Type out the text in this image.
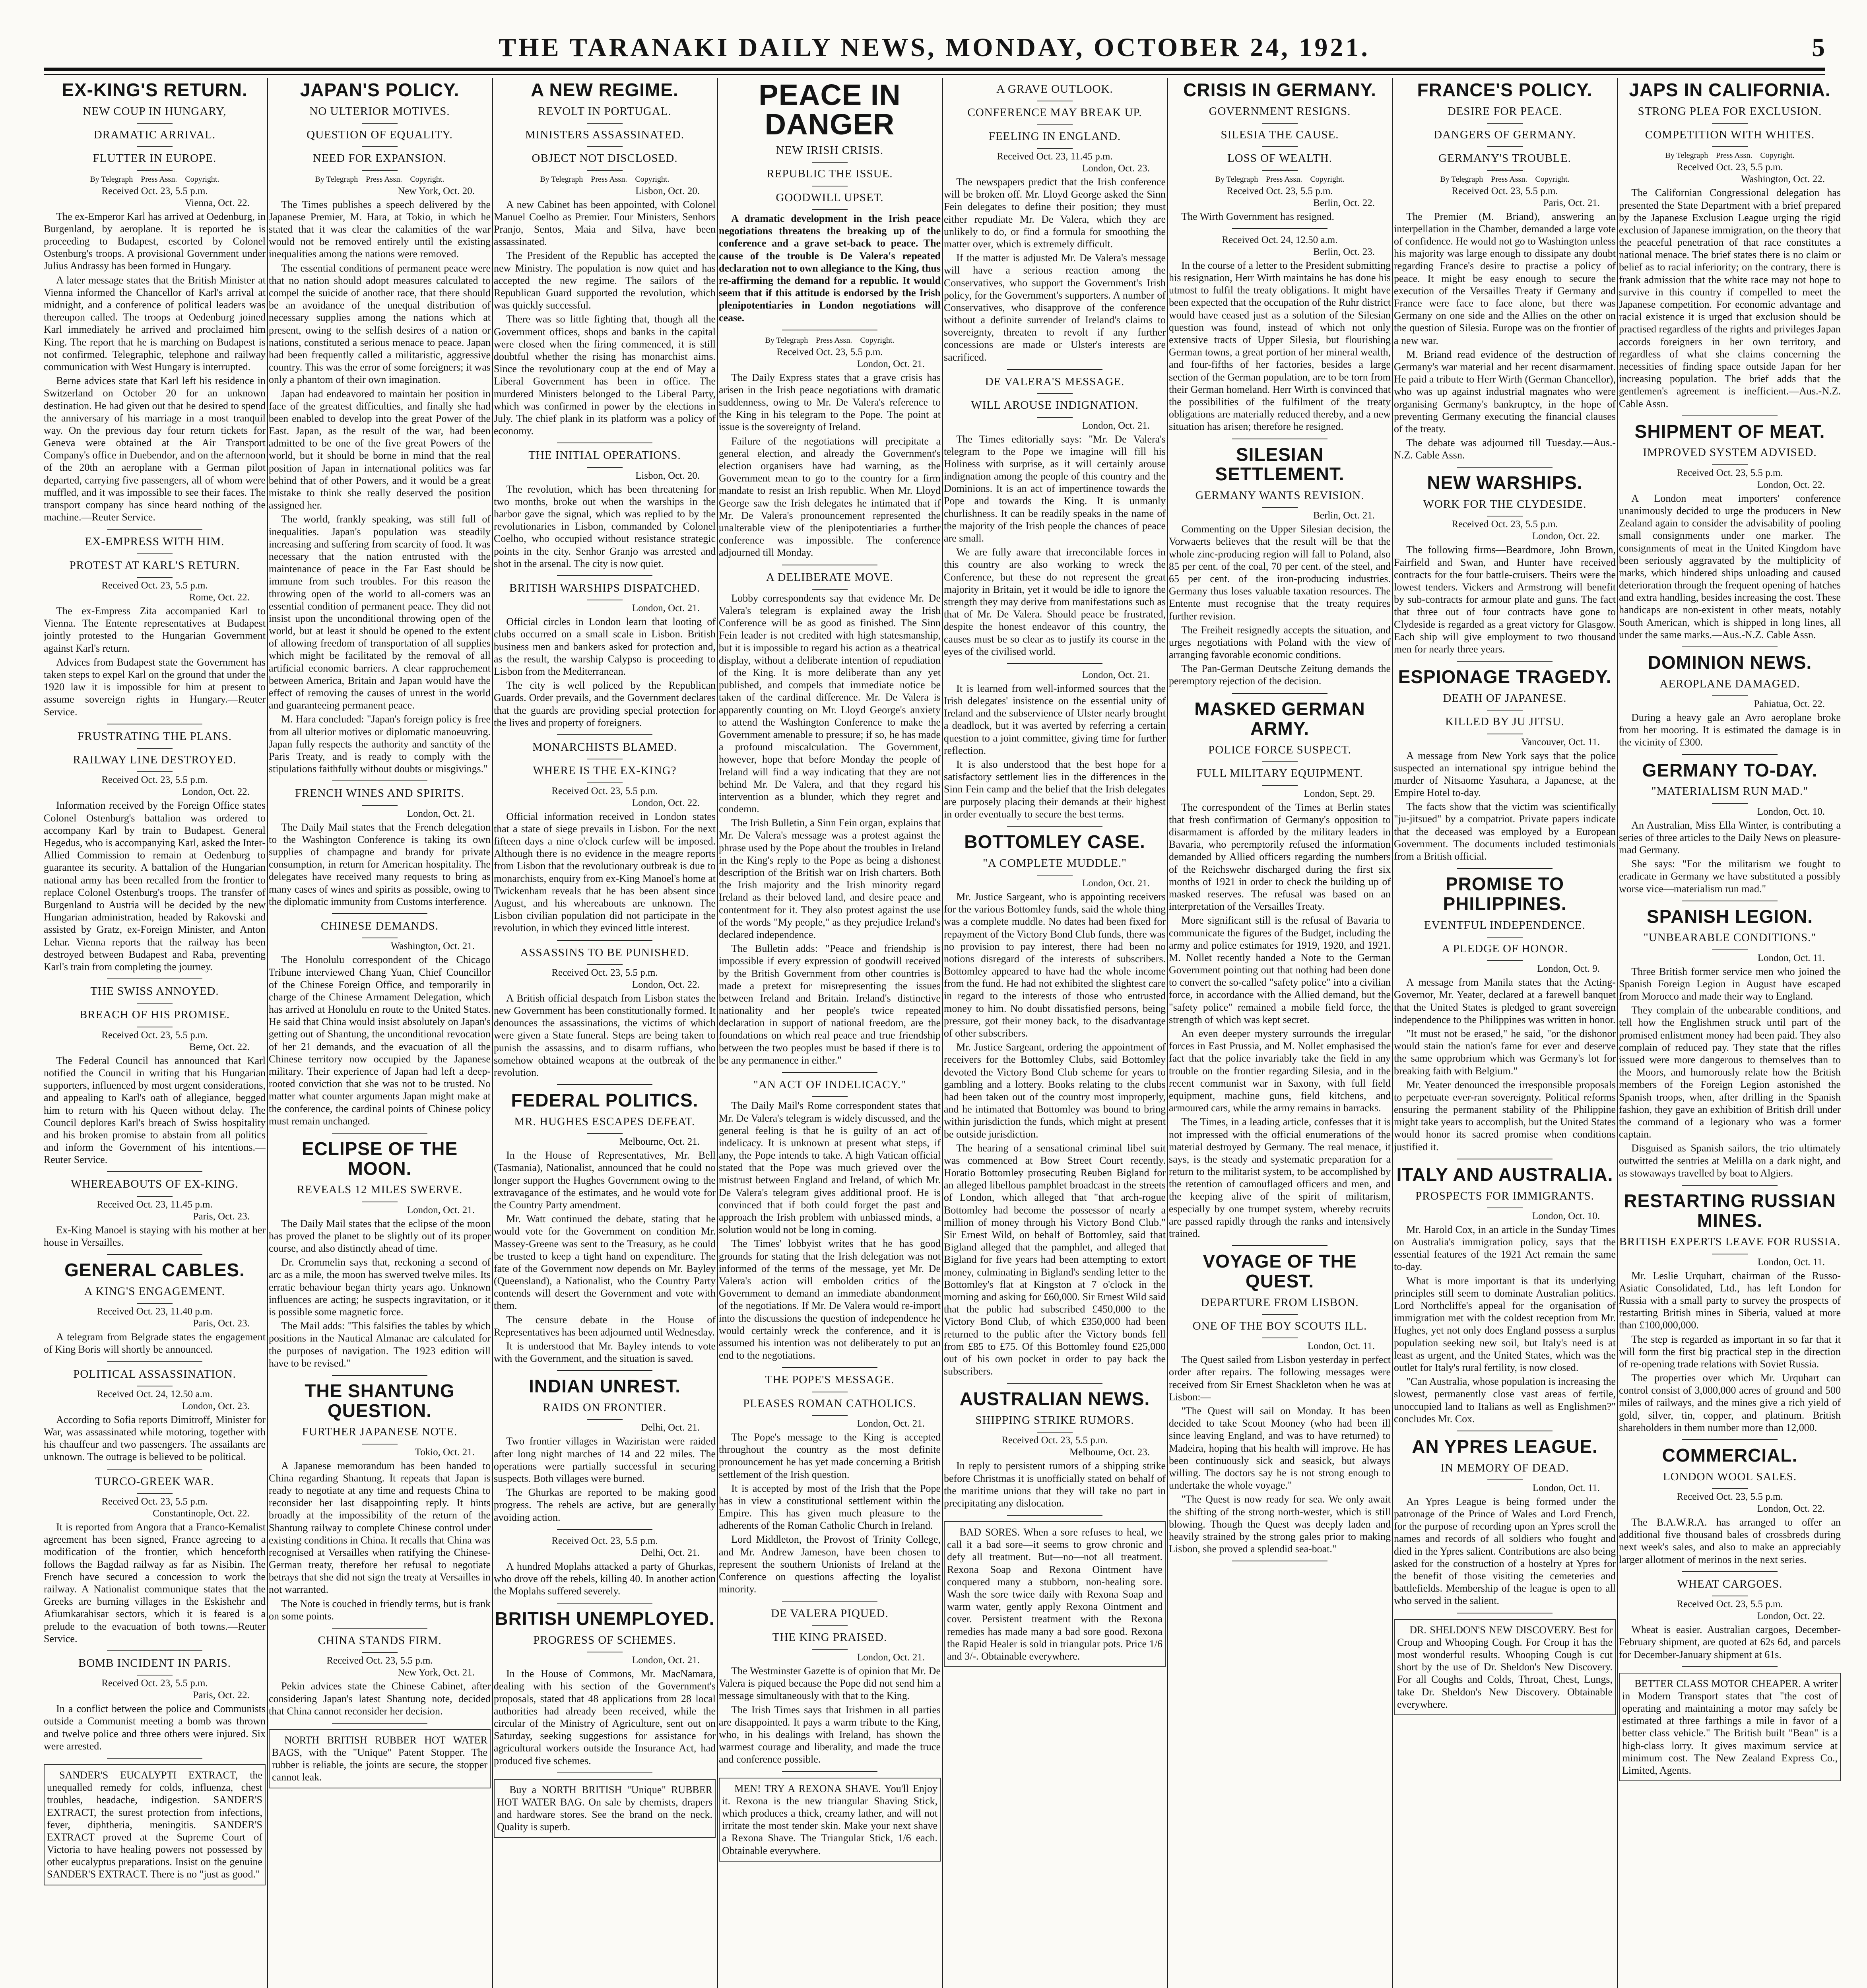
THE TARANAKI DAILY NEWS, MONDAY, OCTOBER 24, 1921.	5
EX-KING'S RETURN.
NEW COUP IN HUNGARY,
DRAMATIC ARRIVAL.
FLUTTER IN EUROPE.
By Telegraph—Press Assn.—Copyright.
Received Oct. 23, 5.5 p.m.
Vienna, Oct. 22.

The ex-Emperor Karl has arrived at Oedenburg, in Burgenland, by aeroplane. It is reported he is proceeding to Budapest, escorted by Colonel Ostenburg's troops. A provisional Government under Julius Andrassy has been formed in Hungary.

A later message states that the British Minister at Vienna informed the Chancellor of Karl's arrival at midnight, and a conference of political leaders was thereupon called. The troops at Oedenburg joined Karl immediately he arrived and proclaimed him King. The report that he is marching on Budapest is not confirmed. Telegraphic, telephone and railway communication with West Hungary is interrupted.

Berne advices state that Karl left his residence in Switzerland on October 20 for an unknown destination. He had given out that he desired to spend the anniversary of his marriage in a most tranquil way. On the previous day four return tickets for Geneva were obtained at the Air Transport Company's office in Duebendor, and on the afternoon of the 20th an aeroplane with a German pilot departed, carrying five passengers, all of whom were muffled, and it was impossible to see their faces. The transport company has since heard nothing of the machine.—Reuter Service.

EX-EMPRESS WITH HIM.
PROTEST AT KARL'S RETURN.
Received Oct. 23, 5.5 p.m.
Rome, Oct. 22.

The ex-Empress Zita accompanied Karl to Vienna. The Entente representatives at Budapest jointly protested to the Hungarian Government against Karl's return.

Advices from Budapest state the Government has taken steps to expel Karl on the ground that under the 1920 law it is impossible for him at present to assume sovereign rights in Hungary.—Reuter Service.

FRUSTRATING THE PLANS.
RAILWAY LINE DESTROYED.
Received Oct. 23, 5.5 p.m.
London, Oct. 22.

Information received by the Foreign Office states Colonel Ostenburg's battalion was ordered to accompany Karl by train to Budapest. General Hegedus, who is accompanying Karl, asked the Inter-Allied Commission to remain at Oedenburg to guarantee its security. A battalion of the Hungarian national army has been recalled from the frontier to replace Colonel Ostenburg's troops. The transfer of Burgenland to Austria will be decided by the new Hungarian administration, headed by Rakovski and assisted by Gratz, ex-Foreign Minister, and Anton Lehar. Vienna reports that the railway has been destroyed between Budapest and Raba, preventing Karl's train from completing the journey.

THE SWISS ANNOYED.
BREACH OF HIS PROMISE.
Received Oct. 23, 5.5 p.m.
Berne, Oct. 22.

The Federal Council has announced that Karl notified the Council in writing that his Hungarian supporters, influenced by most urgent considerations, and appealing to Karl's oath of allegiance, begged him to return with his Queen without delay. The Council deplores Karl's breach of Swiss hospitality and his broken promise to abstain from all politics and inform the Government of his intentions.—Reuter Service.

WHEREABOUTS OF EX-KING.
Received Oct. 23, 11.45 p.m.
Paris, Oct. 23.

Ex-King Manoel is staying with his mother at her house in Versailles.

GENERAL CABLES.
A KING'S ENGAGEMENT.
Received Oct. 23, 11.40 p.m.
Paris, Oct. 23.

A telegram from Belgrade states the engagement of King Boris will shortly be announced.

POLITICAL ASSASSINATION.
Received Oct. 24, 12.50 a.m.
London, Oct. 23.

According to Sofia reports Dimitroff, Minister for War, was assassinated while motoring, together with his chauffeur and two passengers. The assailants are unknown. The outrage is believed to be political.

TURCO-GREEK WAR.
Received Oct. 23, 5.5 p.m.
Constantinople, Oct. 22.

It is reported from Angora that a Franco-Kemalist agreement has been signed, France agreeing to a modification of the frontier, which henceforth follows the Bagdad railway as far as Nisibin. The French have secured a concession to work the railway. A Nationalist communique states that the Greeks are burning villages in the Eskishehr and Afiumkarahisar sectors, which it is feared is a prelude to the evacuation of both towns.—Reuter Service.

BOMB INCIDENT IN PARIS.
Received Oct. 23, 5.5 p.m.
Paris, Oct. 22.

In a conflict between the police and Communists outside a Communist meeting a bomb was thrown and twelve police and three others were injured. Six were arrested.

SANDER'S EUCALYPTI EXTRACT, the unequalled remedy for colds, influenza, chest troubles, headache, indigestion. SANDER'S EXTRACT, the surest protection from infections, fever, diphtheria, meningitis. SANDER'S EXTRACT proved at the Supreme Court of Victoria to have healing powers not possessed by other eucalyptus preparations. Insist on the genuine SANDER'S EXTRACT. There is no "just as good."
JAPAN'S POLICY.
NO ULTERIOR MOTIVES.
QUESTION OF EQUALITY.
NEED FOR EXPANSION.
By Telegraph—Press Assn.—Copyright.
New York, Oct. 20.

The Times publishes a speech delivered by the Japanese Premier, M. Hara, at Tokio, in which he stated that it was clear the calamities of the war would not be removed entirely until the existing inequalities among the nations were removed.

The essential conditions of permanent peace were that no nation should adopt measures calculated to compel the suicide of another race, that there should be an avoidance of the unequal distribution of necessary supplies among the nations which at present, owing to the selfish desires of a nation or nations, constituted a serious menace to peace. Japan had been frequently called a militaristic, aggressive country. This was the error of some foreigners; it was only a phantom of their own imagination.

Japan had endeavored to maintain her position in face of the greatest difficulties, and finally she had been enabled to develop into the great Power of the East. Japan, as the result of the war, had been admitted to be one of the five great Powers of the world, but it should be borne in mind that the real position of Japan in international politics was far behind that of other Powers, and it would be a great mistake to think she really deserved the position assigned her.

The world, frankly speaking, was still full of inequalities. Japan's population was steadily increasing and suffering from scarcity of food. It was necessary that the nation entrusted with the maintenance of peace in the Far East should be immune from such troubles. For this reason the throwing open of the world to all-comers was an essential condition of permanent peace. They did not insist upon the unconditional throwing open of the world, but at least it should be opened to the extent of allowing freedom of transportation of all supplies which might be facilitated by the removal of all artificial economic barriers. A clear rapprochement between America, Britain and Japan would have the effect of removing the causes of unrest in the world and guaranteeing permanent peace.

M. Hara concluded: "Japan's foreign policy is free from all ulterior motives or diplomatic manoeuvring. Japan fully respects the authority and sanctity of the Paris Treaty, and is ready to comply with the stipulations faithfully without doubts or misgivings."

FRENCH WINES AND SPIRITS.
London, Oct. 21.

The Daily Mail states that the French delegation to the Washington Conference is taking its own supplies of champagne and brandy for private consumption, in return for American hospitality. The delegates have received many requests to bring as many cases of wines and spirits as possible, owing to the diplomatic immunity from Customs interference.

CHINESE DEMANDS.
Washington, Oct. 21.

The Honolulu correspondent of the Chicago Tribune interviewed Chang Yuan, Chief Councillor of the Chinese Foreign Office, and temporarily in charge of the Chinese Armament Delegation, which has arrived at Honolulu en route to the United States. He said that China would insist absolutely on Japan's getting out of Shantung, the unconditional revocation of her 21 demands, and the evacuation of all the Chinese territory now occupied by the Japanese military. Their experience of Japan had left a deep-rooted conviction that she was not to be trusted. No matter what counter arguments Japan might make at the conference, the cardinal points of Chinese policy must remain unchanged.

ECLIPSE OF THE MOON.
REVEALS 12 MILES SWERVE.
London, Oct. 21.

The Daily Mail states that the eclipse of the moon has proved the planet to be slightly out of its proper course, and also distinctly ahead of time.

Dr. Crommelin says that, reckoning a second of arc as a mile, the moon has swerved twelve miles. Its erratic behaviour began thirty years ago. Unknown influences are acting; he suspects ingravitation, or it is possible some magnetic force.

The Mail adds: "This falsifies the tables by which positions in the Nautical Almanac are calculated for the purposes of navigation. The 1923 edition will have to be revised."

THE SHANTUNG QUESTION.
FURTHER JAPANESE NOTE.
Tokio, Oct. 21.

A Japanese memorandum has been handed to China regarding Shantung. It repeats that Japan is ready to negotiate at any time and requests China to reconsider her last disappointing reply. It hints broadly at the impossibility of the return of the Shantung railway to complete Chinese control under existing conditions in China. It recalls that China was recognised at Versailles when ratifying the Chinese-German treaty, therefore her refusal to negotiate betrays that she did not sign the treaty at Versailles in not warranted.

The Note is couched in friendly terms, but is frank on some points.

CHINA STANDS FIRM.
Received Oct. 23, 5.5 p.m.
New York, Oct. 21.

Pekin advices state the Chinese Cabinet, after considering Japan's latest Shantung note, decided that China cannot reconsider her decision.

NORTH BRITISH RUBBER HOT WATER BAGS, with the "Unique" Patent Stopper. The rubber is reliable, the joints are secure, the stopper cannot leak.
A NEW REGIME.
REVOLT IN PORTUGAL.
MINISTERS ASSASSINATED.
OBJECT NOT DISCLOSED.
By Telegraph—Press Assn.—Copyright.
Lisbon, Oct. 20.

A new Cabinet has been appointed, with Colonel Manuel Coelho as Premier. Four Ministers, Senhors Pranjo, Sentos, Maia and Silva, have been assassinated.

The President of the Republic has accepted the new Ministry. The population is now quiet and has accepted the new regime. The sailors of the Republican Guard supported the revolution, which was quickly successful.

There was so little fighting that, though all the Government offices, shops and banks in the capital were closed when the firing commenced, it is still doubtful whether the rising has monarchist aims. Since the revolutionary coup at the end of May a Liberal Government has been in office. The murdered Ministers belonged to the Liberal Party, which was confirmed in power by the elections in July. The chief plank in its platform was a policy of economy.

THE INITIAL OPERATIONS.
Lisbon, Oct. 20.

The revolution, which has been threatening for two months, broke out when the warships in the harbor gave the signal, which was replied to by the revolutionaries in Lisbon, commanded by Colonel Coelho, who occupied without resistance strategic points in the city. Senhor Granjo was arrested and shot in the arsenal. The city is now quiet.

BRITISH WARSHIPS DISPATCHED.
London, Oct. 21.

Official circles in London learn that looting of clubs occurred on a small scale in Lisbon. British business men and bankers asked for protection and, as the result, the warship Calypso is proceeding to Lisbon from the Mediterranean.

The city is well policed by the Republican Guards. Order prevails, and the Government declares that the guards are providing special protection for the lives and property of foreigners.

MONARCHISTS BLAMED.
WHERE IS THE EX-KING?
Received Oct. 23, 5.5 p.m.
London, Oct. 22.

Official information received in London states that a state of siege prevails in Lisbon. For the next fifteen days a nine o'clock curfew will be imposed. Although there is no evidence in the meagre reports from Lisbon that the revolutionary outbreak is due to monarchists, enquiry from ex-King Manoel's home at Twickenham reveals that he has been absent since August, and his whereabouts are unknown. The Lisbon civilian population did not participate in the revolution, in which they evinced little interest.

ASSASSINS TO BE PUNISHED.
Received Oct. 23, 5.5 p.m.
London, Oct. 22.

A British official despatch from Lisbon states the new Government has been constitutionally formed. It denounces the assassinations, the victims of which were given a State funeral. Steps are being taken to punish the assassins, and to disarm ruffians, who somehow obtained weapons at the outbreak of the revolution.

FEDERAL POLITICS.
MR. HUGHES ESCAPES DEFEAT.
Melbourne, Oct. 21.

In the House of Representatives, Mr. Bell (Tasmania), Nationalist, announced that he could no longer support the Hughes Government owing to the extravagance of the estimates, and he would vote for the Country Party amendment.

Mr. Watt continued the debate, stating that he would vote for the Government on condition Mr. Massey-Greene was sent to the Treasury, as he could be trusted to keep a tight hand on expenditure. The fate of the Government now depends on Mr. Bayley (Queensland), a Nationalist, who the Country Party contends will desert the Government and vote with them.

The censure debate in the House of Representatives has been adjourned until Wednesday.

It is understood that Mr. Bayley intends to vote with the Government, and the situation is saved.

INDIAN UNREST.
RAIDS ON FRONTIER.
Delhi, Oct. 21.

Two frontier villages in Waziristan were raided after long night marches of 14 and 22 miles. The operations were partially successful in securing suspects. Both villages were burned.

The Ghurkas are reported to be making good progress. The rebels are active, but are generally avoiding action.

Received Oct. 23, 5.5 p.m.
Delhi, Oct. 21.

A hundred Moplahs attacked a party of Ghurkas, who drove off the rebels, killing 40. In another action the Moplahs suffered severely.

BRITISH UNEMPLOYED.
PROGRESS OF SCHEMES.
London, Oct. 21.

In the House of Commons, Mr. MacNamara, dealing with his section of the Government's proposals, stated that 48 applications from 28 local authorities had already been received, while the circular of the Ministry of Agriculture, sent out on Saturday, seeking suggestions for assistance for agricultural workers outside the Insurance Act, had produced five schemes.

Buy a NORTH BRITISH "Unique" RUBBER HOT WATER BAG. On sale by chemists, drapers and hardware stores. See the brand on the neck. Quality is superb.
PEACE IN DANGER
NEW IRISH CRISIS.
REPUBLIC THE ISSUE.
GOODWILL UPSET.
A dramatic development in the Irish peace negotiations threatens the breaking up of the conference and a grave set-back to peace. The cause of the trouble is De Valera's repeated declaration not to own allegiance to the King, thus re-affirming the demand for a republic. It would seem that if this attitude is endorsed by the Irish plenipotentiaries in London negotiations will cease.
By Telegraph—Press Assn.—Copyright.
Received Oct. 23, 5.5 p.m.
London, Oct. 21.

The Daily Express states that a grave crisis has arisen in the Irish peace negotiations with dramatic suddenness, owing to Mr. De Valera's reference to the King in his telegram to the Pope. The point at issue is the sovereignty of Ireland.

Failure of the negotiations will precipitate a general election, and already the Government's election organisers have had warning, as the Government mean to go to the country for a firm mandate to resist an Irish republic. When Mr. Lloyd George saw the Irish delegates he intimated that if Mr. De Valera's pronouncement represented the unalterable view of the plenipotentiaries a further conference was impossible. The conference adjourned till Monday.

A DELIBERATE MOVE.

Lobby correspondents say that evidence Mr. De Valera's telegram is explained away the Irish Conference will be as good as finished. The Sinn Fein leader is not credited with high statesmanship, but it is impossible to regard his action as a theatrical display, without a deliberate intention of repudiation of the King. It is more deliberate than any yet published, and compels that immediate notice be taken of the cardinal difference. Mr. De Valera is apparently counting on Mr. Lloyd George's anxiety to attend the Washington Conference to make the Government amenable to pressure; if so, he has made a profound miscalculation. The Government, however, hope that before Monday the people of Ireland will find a way indicating that they are not behind Mr. De Valera, and that they regard his intervention as a blunder, which they regret and condemn.

The Irish Bulletin, a Sinn Fein organ, explains that Mr. De Valera's message was a protest against the phrase used by the Pope about the troubles in Ireland in the King's reply to the Pope as being a dishonest description of the British war on Irish charters. Both the Irish majority and the Irish minority regard Ireland as their beloved land, and desire peace and contentment for it. They also protest against the use of the words "My people," as they prejudice Ireland's declared independence.

The Bulletin adds: "Peace and friendship is impossible if every expression of goodwill received by the British Government from other countries is made a pretext for misrepresenting the issues between Ireland and Britain. Ireland's distinctive nationality and her people's twice repeated declaration in support of national freedom, are the foundations on which real peace and true friendship between the two peoples must be based if there is to be any permanence in either."

"AN ACT OF INDELICACY."

The Daily Mail's Rome correspondent states that Mr. De Valera's telegram is widely discussed, and the general feeling is that he is guilty of an act of indelicacy. It is unknown at present what steps, if any, the Pope intends to take. A high Vatican official stated that the Pope was much grieved over the mistrust between England and Ireland, of which Mr. De Valera's telegram gives additional proof. He is convinced that if both could forget the past and approach the Irish problem with unbiassed minds, a solution would not be long in coming.

The Times' lobbyist writes that he has good grounds for stating that the Irish delegation was not informed of the terms of the message, yet Mr. De Valera's action will embolden critics of the Government to demand an immediate abandonment of the negotiations. If Mr. De Valera would re-import into the discussions the question of independence he would certainly wreck the conference, and it is assumed his intention was not deliberately to put an end to the negotiations.

THE POPE'S MESSAGE.
PLEASES ROMAN CATHOLICS.
London, Oct. 21.

The Pope's message to the King is accepted throughout the country as the most definite pronouncement he has yet made concerning a British settlement of the Irish question.

It is accepted by most of the Irish that the Pope has in view a constitutional settlement within the Empire. This has given much pleasure to the adherents of the Roman Catholic Church in Ireland.

Lord Middleton, the Provost of Trinity College, and Mr. Andrew Jameson, have been chosen to represent the southern Unionists of Ireland at the Conference on questions affecting the loyalist minority.

DE VALERA PIQUED.
THE KING PRAISED.
London, Oct. 21.

The Westminster Gazette is of opinion that Mr. De Valera is piqued because the Pope did not send him a message simultaneously with that to the King.

The Irish Times says that Irishmen in all parties are disappointed. It pays a warm tribute to the King, who, in his dealings with Ireland, has shown the warmest courage and liberality, and made the truce and conference possible.

MEN! TRY A REXONA SHAVE. You'll Enjoy it. Rexona is the new triangular Shaving Stick, which produces a thick, creamy lather, and will not irritate the most tender skin. Make your next shave a Rexona Shave. The Triangular Stick, 1/6 each. Obtainable everywhere.
A GRAVE OUTLOOK.
CONFERENCE MAY BREAK UP.
FEELING IN ENGLAND.
Received Oct. 23, 11.45 p.m.
London, Oct. 23.

The newspapers predict that the Irish conference will be broken off. Mr. Lloyd George asked the Sinn Fein delegates to define their position; they must either repudiate Mr. De Valera, which they are unlikely to do, or find a formula for smoothing the matter over, which is extremely difficult.

If the matter is adjusted Mr. De Valera's message will have a serious reaction among the Conservatives, who support the Government's Irish policy, for the Government's supporters. A number of Conservatives, who disapprove of the conference without a definite surrender of Ireland's claims to sovereignty, threaten to revolt if any further concessions are made or Ulster's interests are sacrificed.

DE VALERA'S MESSAGE.
WILL AROUSE INDIGNATION.
London, Oct. 21.

The Times editorially says: "Mr. De Valera's telegram to the Pope we imagine will fill his Holiness with surprise, as it will certainly arouse indignation among the people of this country and the Dominions. It is an act of impertinence towards the Pope and towards the King. It is unmanly churlishness. It can be readily speaks in the name of the majority of the Irish people the chances of peace are small.

We are fully aware that irreconcilable forces in this country are also working to wreck the Conference, but these do not represent the great majority in Britain, yet it would be idle to ignore the strength they may derive from manifestations such as that of Mr. De Valera. Should peace be frustrated, despite the honest endeavor of this country, the causes must be so clear as to justify its course in the eyes of the civilised world.

London, Oct. 21.

It is learned from well-informed sources that the Irish delegates' insistence on the essential unity of Ireland and the subservience of Ulster nearly brought a deadlock, but it was averted by referring a certain question to a joint committee, giving time for further reflection.

It is also understood that the best hope for a satisfactory settlement lies in the differences in the Sinn Fein camp and the belief that the Irish delegates are purposely placing their demands at their highest in order eventually to secure the best terms.

BOTTOMLEY CASE.
"A COMPLETE MUDDLE."
London, Oct. 21.

Mr. Justice Sargeant, who is appointing receivers for the various Bottomley funds, said the whole thing was a complete muddle. No dates had been fixed for repayment of the Victory Bond Club funds, there was no provision to pay interest, there had been no notions disregard of the interests of subscribers. Bottomley appeared to have had the whole income from the fund. He had not exhibited the slightest care in regard to the interests of those who entrusted money to him. No doubt dissatisfied persons, being pressure, got their money back, to the disadvantage of other subscribers.

Mr. Justice Sargeant, ordering the appointment of receivers for the Bottomley Clubs, said Bottomley devoted the Victory Bond Club scheme for years to gambling and a lottery. Books relating to the clubs had been taken out of the country most improperly, and he intimated that Bottomley was bound to bring within jurisdiction the funds, which might at present be outside jurisdiction.

The hearing of a sensational criminal libel suit was commenced at Bow Street Court recently. Horatio Bottomley prosecuting Reuben Bigland for an alleged libellous pamphlet broadcast in the streets of London, which alleged that "that arch-rogue Bottomley had become the possessor of nearly a million of money through his Victory Bond Club." Sir Ernest Wild, on behalf of Bottomley, said that Bigland alleged that the pamphlet, and alleged that Bigland for five years had been attempting to extort money, culminating in Bigland's sending letter to the Bottomley's flat at Kingston at 7 o'clock in the morning and asking for £60,000. Sir Ernest Wild said that the public had subscribed £450,000 to the Victory Bond Club, of which £350,000 had been returned to the public after the Victory bonds fell from £85 to £75. Of this Bottomley found £25,000 out of his own pocket in order to pay back the subscribers.

AUSTRALIAN NEWS.
SHIPPING STRIKE RUMORS.
Received Oct. 23, 5.5 p.m.
Melbourne, Oct. 23.

In reply to persistent rumors of a shipping strike before Christmas it is unofficially stated on behalf of the maritime unions that they will take no part in precipitating any dislocation.

BAD SORES. When a sore refuses to heal, we call it a bad sore—it seems to grow chronic and defy all treatment. But—no—not all treatment. Rexona Soap and Rexona Ointment have conquered many a stubborn, non-healing sore. Wash the sore twice daily with Rexona Soap and warm water, gently apply Rexona Ointment and cover. Persistent treatment with the Rexona remedies has made many a bad sore good. Rexona the Rapid Healer is sold in triangular pots. Price 1/6 and 3/-. Obtainable everywhere.
CRISIS IN GERMANY.
GOVERNMENT RESIGNS.
SILESIA THE CAUSE.
LOSS OF WEALTH.
By Telegraph—Press Assn.—Copyright.
Received Oct. 23, 5.5 p.m.
Berlin, Oct. 22.

The Wirth Government has resigned.

Received Oct. 24, 12.50 a.m.
Berlin, Oct. 23.

In the course of a letter to the President submitting his resignation, Herr Wirth maintains he has done his utmost to fulfil the treaty obligations. It might have been expected that the occupation of the Ruhr district would have ceased just as a solution of the Silesian question was found, instead of which not only extensive tracts of Upper Silesia, but flourishing German towns, a great portion of her mineral wealth, and four-fifths of her factories, besides a large section of the German population, are to be torn from their German homeland. Herr Wirth is convinced that the possibilities of the fulfilment of the treaty obligations are materially reduced thereby, and a new situation has arisen; therefore he resigned.

SILESIAN SETTLEMENT.
GERMANY WANTS REVISION.
Berlin, Oct. 21.

Commenting on the Upper Silesian decision, the Vorwaerts believes that the result will be that the whole zinc-producing region will fall to Poland, also 85 per cent. of the coal, 70 per cent. of the steel, and 65 per cent. of the iron-producing industries. Germany thus loses valuable taxation resources. The Entente must recognise that the treaty requires further revision.

The Freiheit resignedly accepts the situation, and urges negotiations with Poland with the view of arranging favorable economic conditions.

The Pan-German Deutsche Zeitung demands the peremptory rejection of the decision.

MASKED GERMAN ARMY.
POLICE FORCE SUSPECT.
FULL MILITARY EQUIPMENT.
London, Sept. 29.

The correspondent of the Times at Berlin states that fresh confirmation of Germany's opposition to disarmament is afforded by the military leaders in Bavaria, who peremptorily refused the information demanded by Allied officers regarding the numbers of the Reichswehr discharged during the first six months of 1921 in order to check the building up of masked reserves. The refusal was based on an interpretation of the Versailles Treaty.

More significant still is the refusal of Bavaria to communicate the figures of the Budget, including the army and police estimates for 1919, 1920, and 1921. M. Nollet recently handed a Note to the German Government pointing out that nothing had been done to convert the so-called "safety police" into a civilian force, in accordance with the Allied demand, but the "safety police" remained a mobile field force, the strength of which was kept secret.

An even deeper mystery surrounds the irregular forces in East Prussia, and M. Nollet emphasised the fact that the police invariably take the field in any trouble on the frontier regarding Silesia, and in the recent communist war in Saxony, with full field equipment, machine guns, field kitchens, and armoured cars, while the army remains in barracks.

The Times, in a leading article, confesses that it is not impressed with the official enumerations of the material destroyed by Germany. The real menace, it says, is the steady and systematic preparation for a return to the militarist system, to be accomplished by the retention of camouflaged officers and men, and the keeping alive of the spirit of militarism, especially by one trumpet system, whereby recruits are passed rapidly through the ranks and intensively trained.

VOYAGE OF THE QUEST.
DEPARTURE FROM LISBON.
ONE OF THE BOY SCOUTS ILL.
London, Oct. 11.

The Quest sailed from Lisbon yesterday in perfect order after repairs. The following messages were received from Sir Ernest Shackleton when he was at Lisbon:—

"The Quest will sail on Monday. It has been decided to take Scout Mooney (who had been ill since leaving England, and was to have returned) to Madeira, hoping that his health will improve. He has been continuously sick and seasick, but always willing. The doctors say he is not strong enough to undertake the whole voyage."

"The Quest is now ready for sea. We only await the shifting of the strong north-wester, which is still blowing. Though the Quest was deeply laden and heavily strained by the strong gales prior to making Lisbon, she proved a splendid sea-boat."

FRANCE'S POLICY.
DESIRE FOR PEACE.
DANGERS OF GERMANY.
GERMANY'S TROUBLE.
By Telegraph—Press Assn.—Copyright.
Received Oct. 23, 5.5 p.m.
Paris, Oct. 21.

The Premier (M. Briand), answering an interpellation in the Chamber, demanded a large vote of confidence. He would not go to Washington unless his majority was large enough to dissipate any doubt regarding France's desire to practise a policy of peace. It might be easy enough to secure the execution of the Versailles Treaty if Germany and France were face to face alone, but there was Germany on one side and the Allies on the other on the question of Silesia. Europe was on the frontier of a new war.

M. Briand read evidence of the destruction of Germany's war material and her recent disarmament. He paid a tribute to Herr Wirth (German Chancellor), who was up against industrial magnates who were organising Germany's bankruptcy, in the hope of preventing Germany executing the financial clauses of the treaty.

The debate was adjourned till Tuesday.—Aus.-N.Z. Cable Assn.

NEW WARSHIPS.
WORK FOR THE CLYDESIDE.
Received Oct. 23, 5.5 p.m.
London, Oct. 22.

The following firms—Beardmore, John Brown, Fairfield and Swan, and Hunter have received contracts for the four battle-cruisers. Theirs were the lowest tenders. Vickers and Armstrong will benefit by sub-contracts for armour plate and guns. The fact that three out of four contracts have gone to Clydeside is regarded as a great victory for Glasgow. Each ship will give employment to two thousand men for nearly three years.

ESPIONAGE TRAGEDY.
DEATH OF JAPANESE.
KILLED BY JU JITSU.
Vancouver, Oct. 11.

A message from New York says that the police suspected an international spy intrigue behind the murder of Nitsaome Yasuhara, a Japanese, at the Empire Hotel to-day.

The facts show that the victim was scientifically "ju-jitsued" by a compatriot. Private papers indicate that the deceased was employed by a European Government. The documents included testimonials from a British official.

PROMISE TO PHILIPPINES.
EVENTFUL INDEPENDENCE.
A PLEDGE OF HONOR.
London, Oct. 9.

A message from Manila states that the Acting-Governor, Mr. Yeater, declared at a farewell banquet that the United States is pledged to grant sovereign independence to the Philippines was written in honor.

"It must not be erased," he said, "or the dishonor would stain the nation's fame for ever and deserve the same opprobrium which was Germany's lot for breaking faith with Belgium."

Mr. Yeater denounced the irresponsible proposals to perpetuate ever-ran sovereignty. Political reforms ensuring the permanent stability of the Philippine might take years to accomplish, but the United States would honor its sacred promise when conditions justified it.

ITALY AND AUSTRALIA.
PROSPECTS FOR IMMIGRANTS.
London, Oct. 10.

Mr. Harold Cox, in an article in the Sunday Times on Australia's immigration policy, says that the essential features of the 1921 Act remain the same to-day.

What is more important is that its underlying principles still seem to dominate Australian politics. Lord Northcliffe's appeal for the organisation of immigration met with the coldest reception from Mr. Hughes, yet not only does England possess a surplus population seeking new soil, but Italy's need is at least as urgent, and the United States, which was the outlet for Italy's rural fertility, is now closed.

"Can Australia, whose population is increasing the slowest, permanently close vast areas of fertile, unoccupied land to Italians as well as Englishmen?" concludes Mr. Cox.

AN YPRES LEAGUE.
IN MEMORY OF DEAD.
London, Oct. 11.

An Ypres League is being formed under the patronage of the Prince of Wales and Lord French, for the purpose of recording upon an Ypres scroll the names and records of all soldiers who fought and died in the Ypres salient. Contributions are also being asked for the construction of a hostelry at Ypres for the benefit of those visiting the cemeteries and battlefields. Membership of the league is open to all who served in the salient.

DR. SHELDON'S NEW DISCOVERY. Best for Croup and Whooping Cough. For Croup it has the most wonderful results. Whooping Cough is cut short by the use of Dr. Sheldon's New Discovery. For all Coughs and Colds, Throat, Chest, Lungs, take Dr. Sheldon's New Discovery. Obtainable everywhere.
JAPS IN CALIFORNIA.
STRONG PLEA FOR EXCLUSION.
COMPETITION WITH WHITES.
By Telegraph—Press Assn.—Copyright.
Received Oct. 23, 5.5 p.m.
Washington, Oct. 22.

The Californian Congressional delegation has presented the State Department with a brief prepared by the Japanese Exclusion League urging the rigid exclusion of Japanese immigration, on the theory that the peaceful penetration of that race constitutes a national menace. The brief states there is no claim or belief as to racial inferiority; on the contrary, there is frank admission that the white race may not hope to survive in this country if compelled to meet the Japanese competition. For economic advantage and racial existence it is urged that exclusion should be practised regardless of the rights and privileges Japan accords foreigners in her own territory, and regardless of what she claims concerning the necessities of finding space outside Japan for her increasing population. The brief adds that the gentlemen's agreement is inefficient.—Aus.-N.Z. Cable Assn.

SHIPMENT OF MEAT.
IMPROVED SYSTEM ADVISED.
Received Oct. 23, 5.5 p.m.
London, Oct. 22.

A London meat importers' conference unanimously decided to urge the producers in New Zealand again to consider the advisability of pooling small consignments under one marker. The consignments of meat in the United Kingdom have been seriously aggravated by the multiplicity of marks, which hindered ships unloading and caused deterioration through the frequent opening of hatches and extra handling, besides increasing the cost. These handicaps are non-existent in other meats, notably South American, which is shipped in long lines, all under the same marks.—Aus.-N.Z. Cable Assn.

DOMINION NEWS.
AEROPLANE DAMAGED.
Pahiatua, Oct. 22.

During a heavy gale an Avro aeroplane broke from her mooring. It is estimated the damage is in the vicinity of £300.

GERMANY TO-DAY.
"MATERIALISM RUN MAD."
London, Oct. 10.

An Australian, Miss Ella Winter, is contributing a series of three articles to the Daily News on pleasure-mad Germany.

She says: "For the militarism we fought to eradicate in Germany we have substituted a possibly worse vice—materialism run mad."

SPANISH LEGION.
"UNBEARABLE CONDITIONS."
London, Oct. 11.

Three British former service men who joined the Spanish Foreign Legion in August have escaped from Morocco and made their way to England.

They complain of the unbearable conditions, and tell how the Englishmen struck until part of the promised enlistment money had been paid. They also complain of reduced pay. They state that the rifles issued were more dangerous to themselves than to the Moors, and humorously relate how the British members of the Foreign Legion astonished the Spanish troops, when, after drilling in the Spanish fashion, they gave an exhibition of British drill under the command of a legionary who was a former captain.

Disguised as Spanish sailors, the trio ultimately outwitted the sentries at Melilla on a dark night, and as stowaways travelled by boat to Algiers.

RESTARTING RUSSIAN MINES.
BRITISH EXPERTS LEAVE FOR RUSSIA.
London, Oct. 11.

Mr. Leslie Urquhart, chairman of the Russo-Asiatic Consolidated, Ltd., has left London for Russia with a small party to survey the prospects of restarting British mines in Siberia, valued at more than £100,000,000.

The step is regarded as important in so far that it will form the first big practical step in the direction of re-opening trade relations with Soviet Russia.

The properties over which Mr. Urquhart can control consist of 3,000,000 acres of ground and 500 miles of railways, and the mines give a rich yield of gold, silver, tin, copper, and platinum. British shareholders in them number more than 12,000.

COMMERCIAL.
LONDON WOOL SALES.
Received Oct. 23, 5.5 p.m.
London, Oct. 22.

The B.A.W.R.A. has arranged to offer an additional five thousand bales of crossbreds during next week's sales, and also to make an appreciably larger allotment of merinos in the next series.

WHEAT CARGOES.
Received Oct. 23, 5.5 p.m.
London, Oct. 22.

Wheat is easier. Australian cargoes, December-February shipment, are quoted at 62s 6d, and parcels for December-January shipment at 61s.

BETTER CLASS MOTOR CHEAPER. A writer in Modern Transport states that "the cost of operating and maintaining a motor may safely be estimated at three farthings a mile in favor of a better class vehicle." The British built "Bean" is a high-class lorry. It gives maximum service at minimum cost. The New Zealand Express Co., Limited, Agents.
